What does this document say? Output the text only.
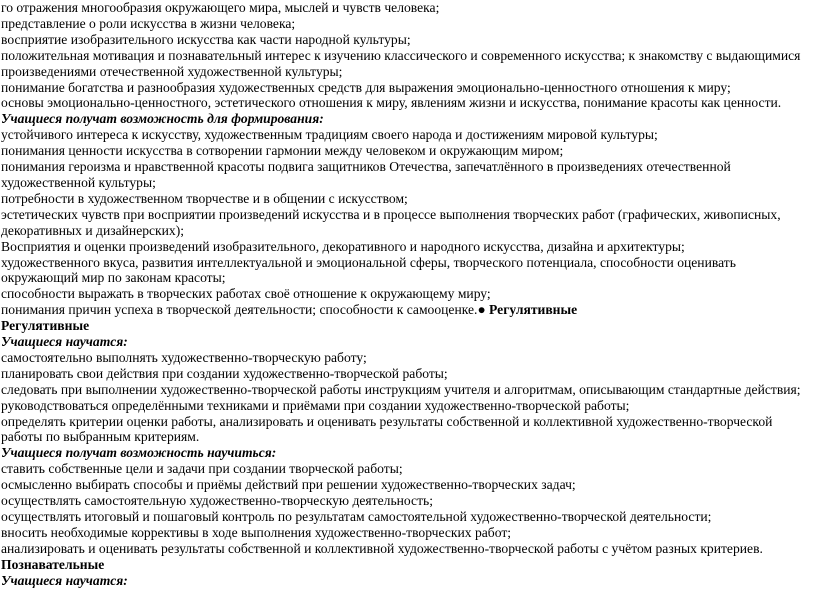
го отражения многообразия окружающего мира, мыслей и чувств человека;

представление о роли искусства в жизни человека;

восприятие изобразительного искусства как части народной культуры;

положительная мотивация и познавательный интерес к изучению классического и современного искусства; к знакомству с выдающимися произведениями отечественной художественной культуры;

понимание богатства и разнообразия художественных средств для выражения эмоционально-ценностного отношения к миру;

основы эмоционально-ценностного, эстетического отношения к миру, явлениям жизни и искусства, понимание красоты как ценности.

Учащиеся получат возможность для формирования:

устойчивого интереса к искусству, художественным традициям своего народа и достижениям мировой культуры;

понимания ценности искусства в сотворении гармонии между человеком и окружающим миром;

понимания героизма и нравственной красоты подвига защитников Отечества, запечатлённого в произведениях отечественной художественной культуры;

потребности в художественном творчестве и в общении с искусством;

эстетических чувств при восприятии произведений искусства и в процессе выполнения творческих работ (графических, живописных, декоративных и дизайнерских);

Восприятия и оценки произведений изобразительного, декоративного и народного искусства, дизайна и архитектуры;

художественного вкуса, развития интеллектуальной и эмоциональной сферы, творческого потенциала, способности оценивать окружающий мир по законам красоты;

способности выражать в творческих работах своё отношение к окружающему миру;

понимания причин успеха в творческой деятельности; способности к самооценке.● Регулятивные

Регулятивные

Учащиеся научатся:

самостоятельно выполнять художественно-творческую работу;

планировать свои действия при создании художественно-творческой работы;

следовать при выполнении художественно-творческой работы инструкциям учителя и алгоритмам, описывающим стандартные действия;

руководствоваться определёнными техниками и приёмами при создании художественно-творческой работы;

определять критерии оценки работы, анализировать и оценивать результаты собственной и коллективной художественно-творческой работы по выбранным критериям.

Учащиеся получат возможность научиться:

ставить собственные цели и задачи при создании творческой работы;

осмысленно выбирать способы и приёмы действий при решении художественно-творческих задач;

осуществлять самостоятельную художественно-творческую деятельность;

осуществлять итоговый и пошаговый контроль по результатам самостоятельной художественно-творческой деятельности;

вносить необходимые коррективы в ходе выполнения художественно-творческих работ;

анализировать и оценивать результаты собственной и коллективной художественно-творческой работы с учётом разных критериев.

Познавательные

Учащиеся научатся:
